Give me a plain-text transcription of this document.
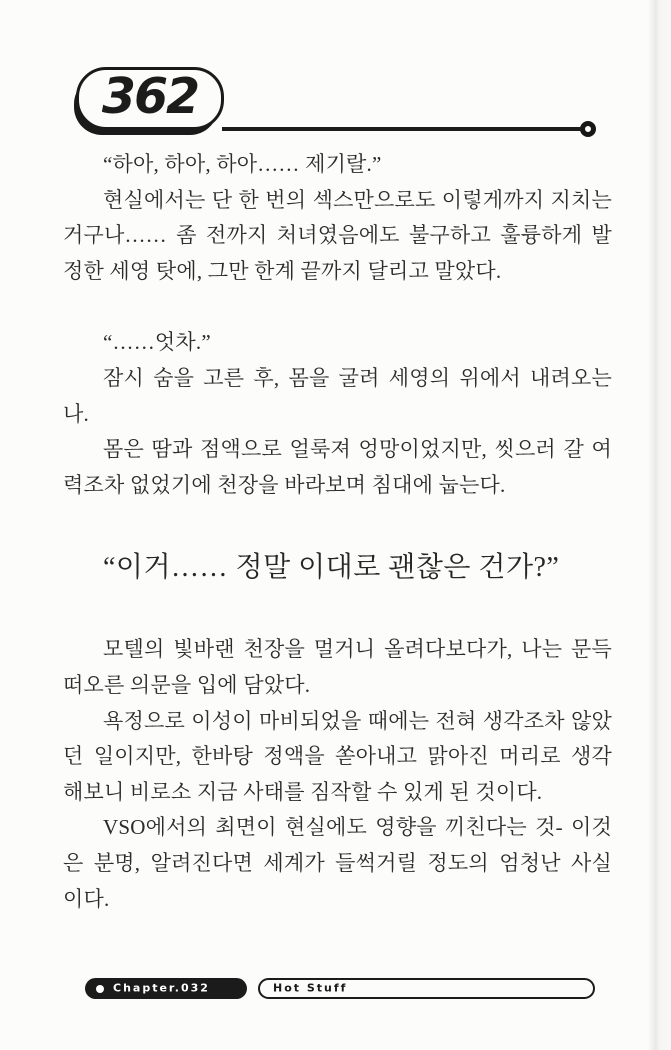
362
“하아, 하아, 하아…… 제기랄.”
현실에서는 단 한 번의 섹스만으로도 이렇게까지 지치는
거구나…… 좀 전까지 처녀였음에도 불구하고 훌륭하게 발
정한 세영 탓에, 그만 한계 끝까지 달리고 말았다.
“……엇차.”
잠시 숨을 고른 후, 몸을 굴려 세영의 위에서 내려오는
나.
몸은 땀과 점액으로 얼룩져 엉망이었지만, 씻으러 갈 여
력조차 없었기에 천장을 바라보며 침대에 눕는다.
“이거…… 정말 이대로 괜찮은 건가?”
모텔의 빛바랜 천장을 멀거니 올려다보다가, 나는 문득
떠오른 의문을 입에 담았다.
욕정으로 이성이 마비되었을 때에는 전혀 생각조차 않았
던 일이지만, 한바탕 정액을 쏟아내고 맑아진 머리로 생각
해보니 비로소 지금 사태를 짐작할 수 있게 된 것이다.
VSO에서의 최면이 현실에도 영향을 끼친다는 것- 이것
은 분명, 알려진다면 세계가 들썩거릴 정도의 엄청난 사실
이다.
Chapter.032	Hot Stuff
